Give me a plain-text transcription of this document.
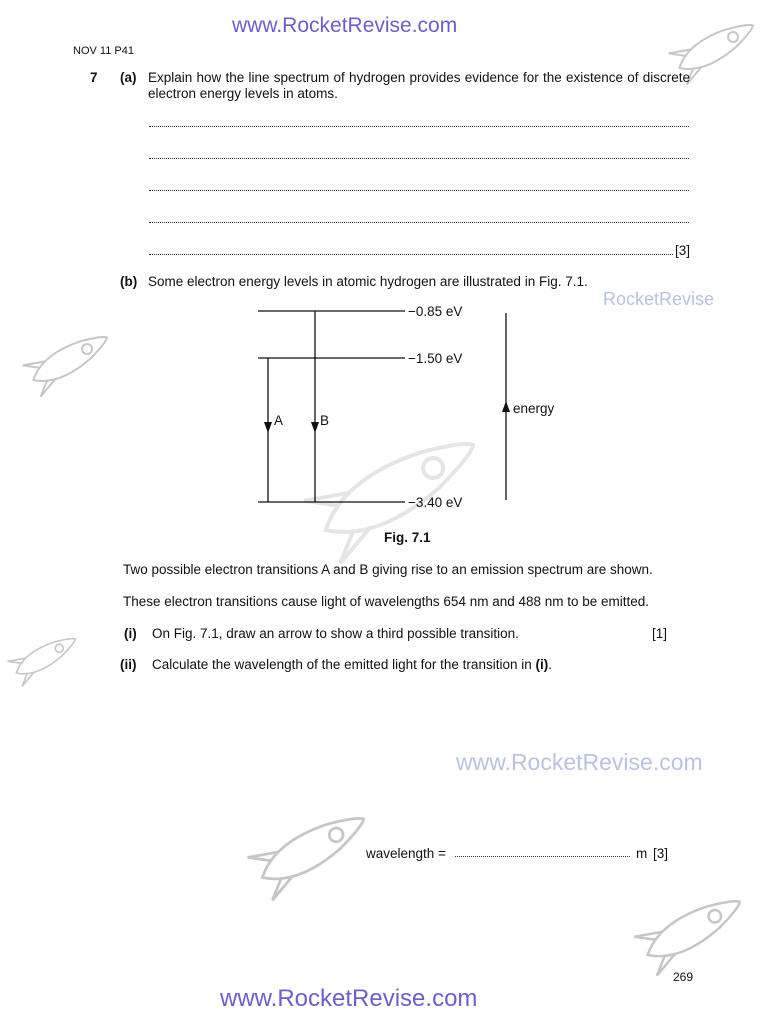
www.RocketRevise.com
NOV 11 P41
7 (a) Explain how the line spectrum of hydrogen provides evidence for the existence of discrete electron energy levels in atoms.
[3]
(b) Some electron energy levels in atomic hydrogen are illustrated in Fig. 7.1.
RocketRevise
−0.85 eV
−1.50 eV
−3.40 eV
A	B
energy
Fig. 7.1
Two possible electron transitions A and B giving rise to an emission spectrum are shown.
These electron transitions cause light of wavelengths 654 nm and 488 nm to be emitted.
(i) On Fig. 7.1, draw an arrow to show a third possible transition.	[1]
(ii) Calculate the wavelength of the emitted light for the transition in (i).
www.RocketRevise.com
wavelength =	m [3]
269
www.RocketRevise.com
